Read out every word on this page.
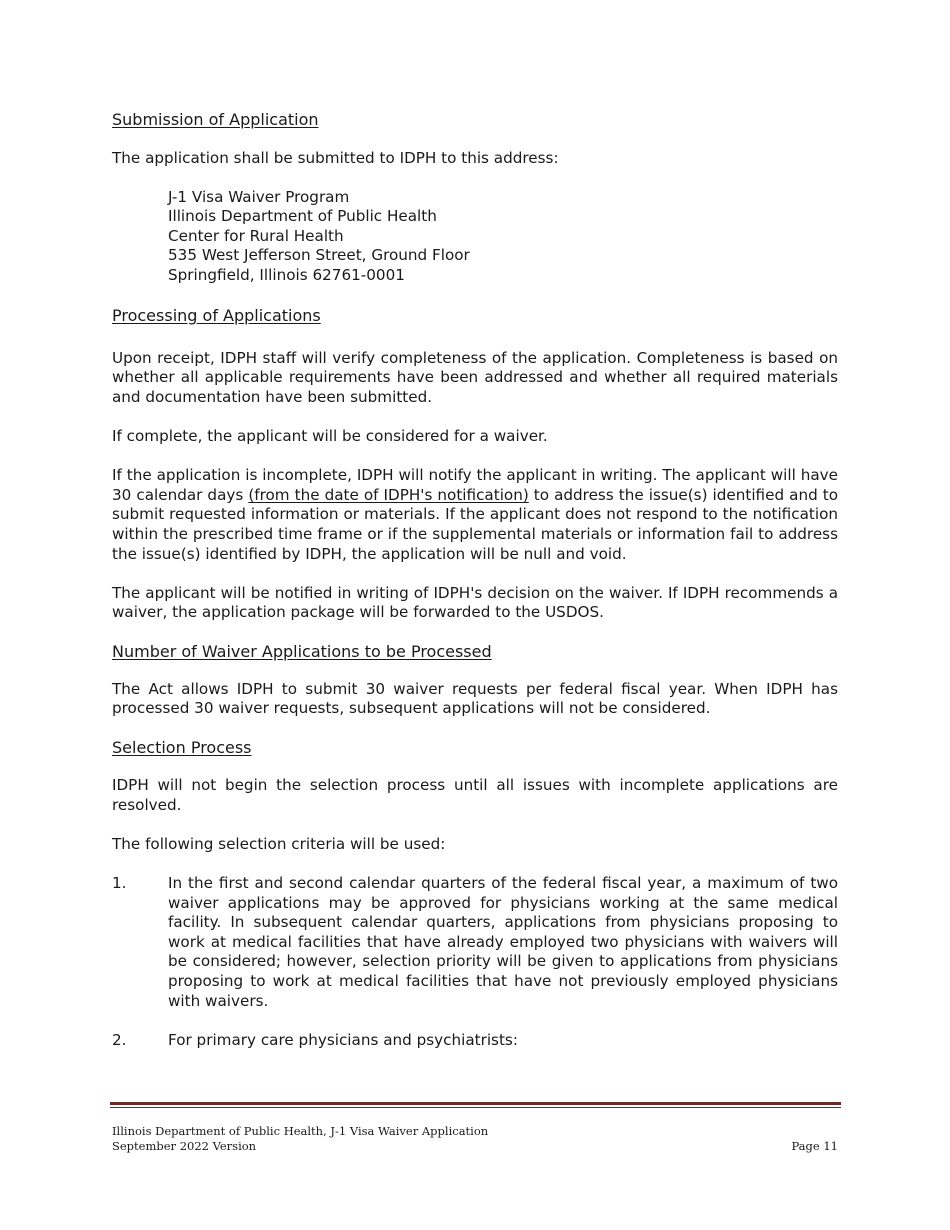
Submission of Application

The application shall be submitted to IDPH to this address:

J-1 Visa Waiver Program
Illinois Department of Public Health
Center for Rural Health
535 West Jefferson Street, Ground Floor
Springfield, Illinois 62761-0001
Processing of Applications

Upon receipt, IDPH staff will verify completeness of the application. Completeness is based on whether all applicable requirements have been addressed and whether all required materials and documentation have been submitted.

If complete, the applicant will be considered for a waiver.

If the application is incomplete, IDPH will notify the applicant in writing. The applicant will have 30 calendar days (from the date of IDPH's notification) to address the issue(s) identified and to submit requested information or materials. If the applicant does not respond to the notification within the prescribed time frame or if the supplemental materials or information fail to address the issue(s) identified by IDPH, the application will be null and void.

The applicant will be notified in writing of IDPH's decision on the waiver. If IDPH recommends a waiver, the application package will be forwarded to the USDOS.

Number of Waiver Applications to be Processed

The Act allows IDPH to submit 30 waiver requests per federal fiscal year. When IDPH has processed 30 waiver requests, subsequent applications will not be considered.

Selection Process

IDPH will not begin the selection process until all issues with incomplete applications are resolved.

The following selection criteria will be used:

1.	In the first and second calendar quarters of the federal fiscal year, a maximum of two waiver applications may be approved for physicians working at the same medical facility. In subsequent calendar quarters, applications from physicians proposing to work at medical facilities that have already employed two physicians with waivers will be considered; however, selection priority will be given to applications from physicians proposing to work at medical facilities that have not previously employed physicians with waivers.
2.	For primary care physicians and psychiatrists:
Illinois Department of Public Health, J-1 Visa Waiver Application
September 2022 Version	Page 11
